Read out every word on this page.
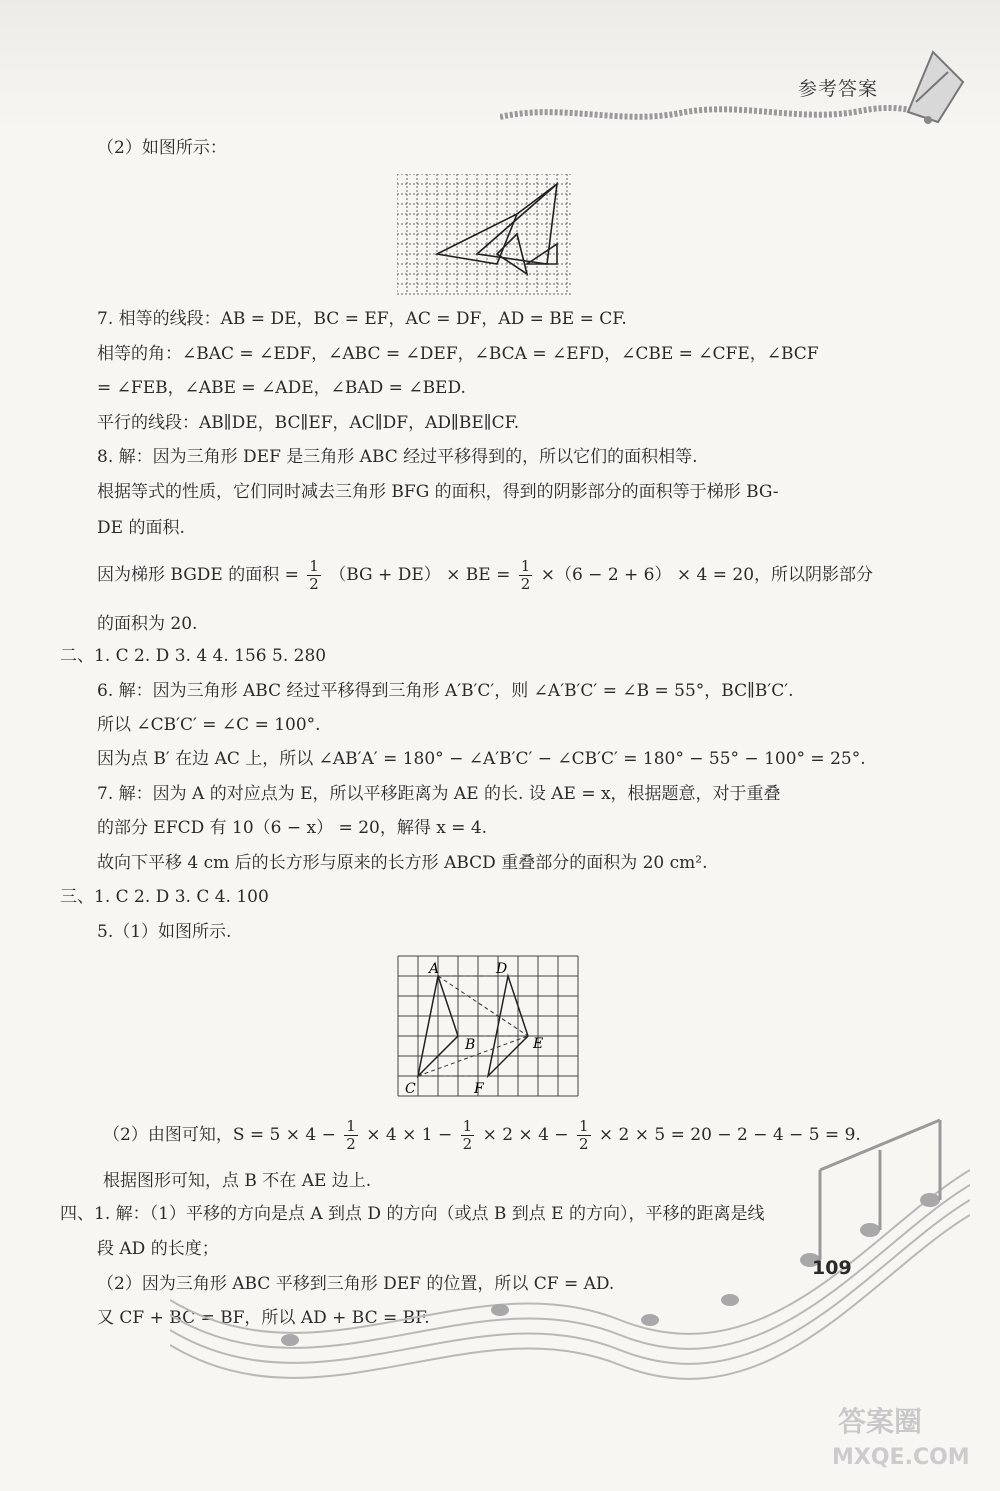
参考答案
（2）如图所示：
7. 相等的线段：AB = DE，BC = EF，AC = DF，AD = BE = CF.
相等的角：∠BAC = ∠EDF，∠ABC = ∠DEF，∠BCA = ∠EFD，∠CBE = ∠CFE，∠BCF
= ∠FEB，∠ABE = ∠ADE，∠BAD = ∠BED.
平行的线段：AB∥DE，BC∥EF，AC∥DF，AD∥BE∥CF.
8. 解：因为三角形 DEF 是三角形 ABC 经过平移得到的，所以它们的面积相等.
根据等式的性质，它们同时减去三角形 BFG 的面积，得到的阴影部分的面积等于梯形 BG-
DE 的面积.
因为梯形 BGDE 的面积 = $\frac{1}{2} (BG + DE)$ × BE = $\frac{1}{2} \times(6 - 2 + 6) \times 4 = 20$，所以阴影部分
的面积为 20.
二、1. C 2. D 3. 4 4. 156 5. 280
6. 解：因为三角形 ABC 经过平移得到三角形 A′B′C′，则 ∠A′B′C′ = ∠B = 55°，BC∥B′C′.
所以 ∠CB′C′ = ∠C = 100°.
因为点 B′ 在边 AC 上，所以 ∠AB′A′ = 180° − ∠A′B′C′ − ∠CB′C′ = 180° − 55° − 100° = 25°.
7. 解：因为 A 的对应点为 E，所以平移距离为 AE 的长. 设 AE = x，根据题意，对于重叠
的部分 EFCD 有 10（6 − x） = 20，解得 x = 4.
故向下平移 4 cm 后的长方形与原来的长方形 ABCD 重叠部分的面积为 20 cm².
三、1. C 2. D 3. C 4. 100
5.（1）如图所示.
A	D
B	E
C	F
（2）由图可知，$S = 5 \times 4 - \frac{1}{2} \times 4 \times 1 - \frac{1}{2} \times 2 \times 4 - \frac{1}{2} \times 2 \times 5 = 20 - 2 - 4 - 5 = 9$.
根据图形可知，点 B 不在 AE 边上.
四、1. 解：（1）平移的方向是点 A 到点 D 的方向（或点 B 到点 E 的方向），平移的距离是线
段 AD 的长度；
（2）因为三角形 ABC 平移到三角形 DEF 的位置，所以 CF = AD.
又 CF + BC = BF，所以 AD + BC = BF.
109
答案圈
MXQE.COM
